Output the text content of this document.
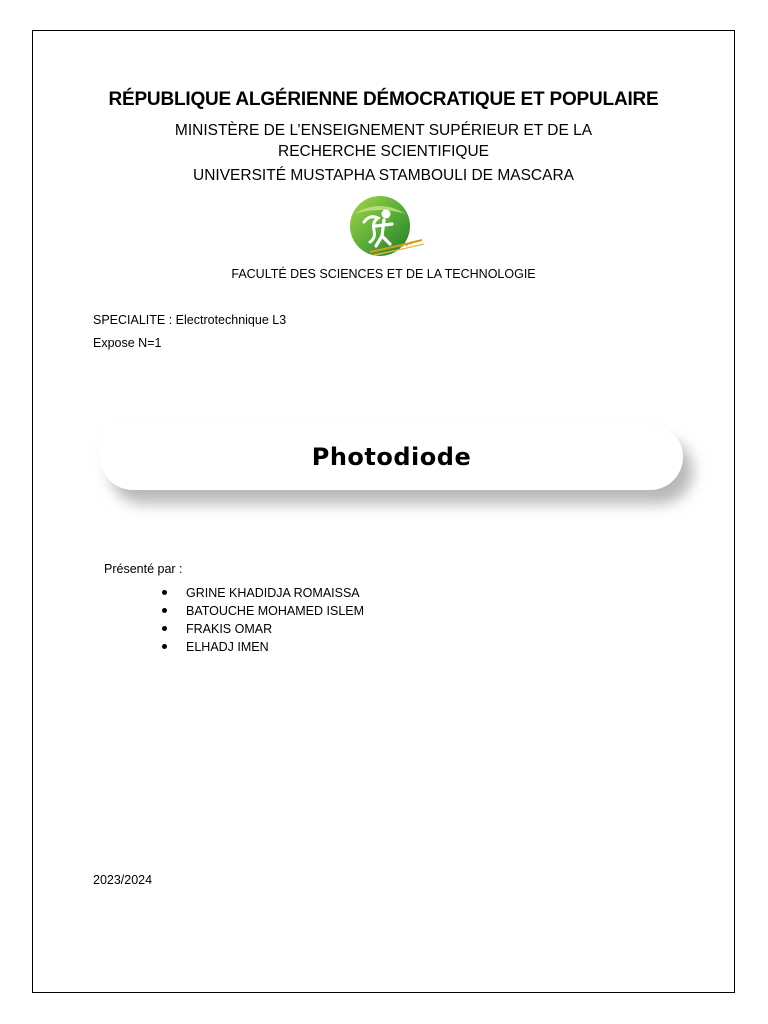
RÉPUBLIQUE ALGÉRIENNE DÉMOCRATIQUE ET POPULAIRE
MINISTÈRE DE L’ENSEIGNEMENT SUPÉRIEUR ET DE LA RECHERCHE SCIENTIFIQUE
UNIVERSITÉ MUSTAPHA STAMBOULI DE MASCARA
FACULTÉ DES SCIENCES ET DE LA TECHNOLOGIE
SPECIALITE : Electrotechnique L3
Expose N=1
Photodiode
Présenté par :
GRINE KHADIDJA ROMAISSA
BATOUCHE MOHAMED ISLEM
FRAKIS OMAR
ELHADJ IMEN
2023/2024
